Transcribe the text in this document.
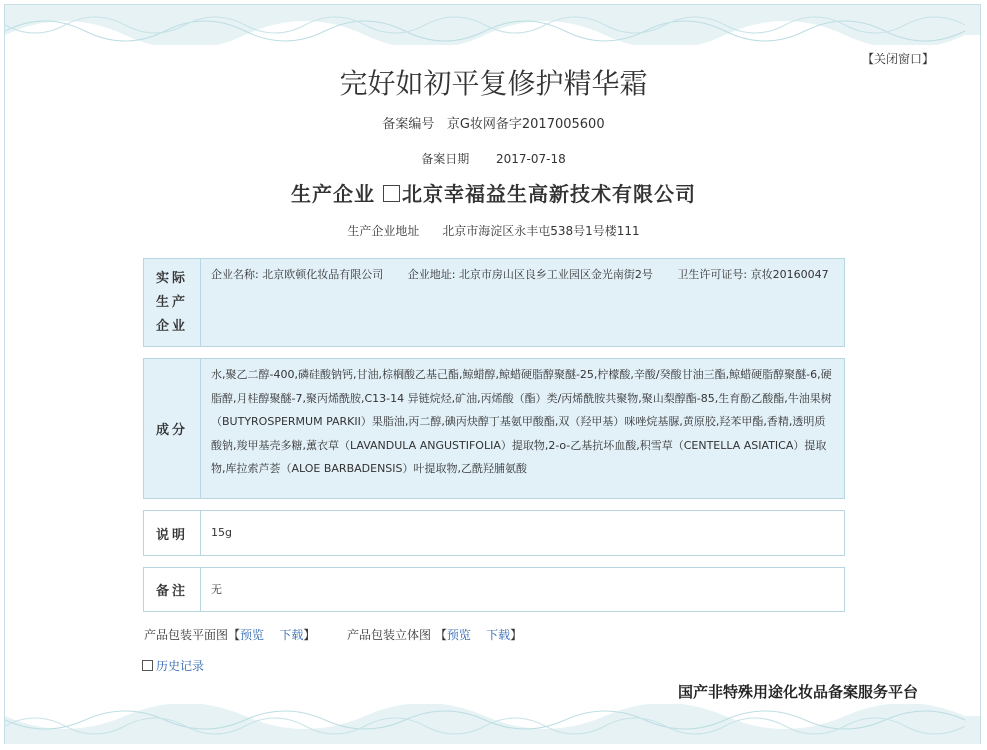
【关闭窗口】
完好如初平复修护精华霜
备案编号 京G妆网备字2017005600
备案日期 2017-07-18
生产企业 北京幸福益生高新技术有限公司
生产企业地址 北京市海淀区永丰屯538号1号楼111
实际
生产
企业
企业名称: 北京欧顿化妆品有限公司 企业地址: 北京市房山区良乡工业园区金光南街2号 卫生许可证号: 京妆20160047
成分
水,聚乙二醇-400,磷硅酸钠钙,甘油,棕榈酸乙基己酯,鲸蜡醇,鲸蜡硬脂醇聚醚-25,柠檬酸,辛酸/癸酸甘油三酯,鲸蜡硬脂醇聚醚-6,硬脂醇,月桂醇聚醚-7,聚丙烯酰胺,C13-14 异链烷烃,矿油,丙烯酸（酯）类/丙烯酰胺共聚物,聚山梨醇酯-85,生育酚乙酸酯,牛油果树（BUTYROSPERMUM PARKII）果脂油,丙二醇,碘丙炔醇丁基氨甲酸酯,双（羟甲基）咪唑烷基脲,黄原胶,羟苯甲酯,香精,透明质酸钠,羧甲基壳多糖,薰衣草（LAVANDULA ANGUSTIFOLIA）提取物,2-o-乙基抗坏血酸,积雪草（CENTELLA ASIATICA）提取物,库拉索芦荟（ALOE BARBADENSIS）叶提取物,乙酰羟脯氨酸
说明	15g
备注	无
产品包装平面图【预览 下载】  产品包装立体图 【预览 下载】
历史记录
国产非特殊用途化妆品备案服务平台
